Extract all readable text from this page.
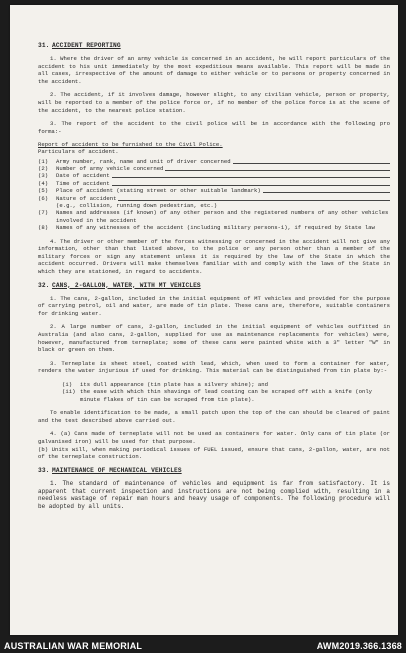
31. ACCIDENT REPORTING

1. Where the driver of an army vehicle is concerned in an accident, he will report particulars of the accident to his unit immediately by the most expeditious means available. This report will be made in all cases, irrespective of the amount of damage to either vehicle or to persons or property concerned in the accident.

2. The accident, if it involves damage, however slight, to any civilian vehicle, person or property, will be reported to a member of the police force or, if no member of the police force is at the scene of the accident, to the nearest police station.

3. The report of the accident to the civil police will be in accordance with the following pro forma:-

Report of accident to be furnished to the Civil Police.
Particulars of accident.
(1)	Army number, rank, name and unit of driver concerned
(2)	Number of army vehicle concerned
(3)	Date of accident
(4)	Time of accident
(5)	Place of accident (stating street or other suitable landmark)
(6)	Nature of accident
(e.g., collision, running down pedestrian, etc.)
(7)	Names and addresses (if known) of any other person and the registered numbers of any other vehicles involved in the accident
(8)	Names of any witnesses of the accident (including military persons-1), if required by State law

4. The driver or other member of the forces witnessing or concerned in the accident will not give any information, other than that listed above, to the police or any person other than a member of the military forces or sign any statement unless it is required by the law of the State in which the accident occurred. Drivers will make themselves familiar with and comply with the laws of the State in which they are stationed, in regard to accidents.

32. CANS, 2-GALLON, WATER, WITH MT VEHICLES

1. The cans, 2-gallon, included in the initial equipment of MT vehicles and provided for the purpose of carrying petrol, oil and water, are made of tin plate. These cans are, therefore, suitable containers for drinking water.

2. A large number of cans, 2-gallon, included in the initial equipment of vehicles outfitted in Australia (and also cans, 2-gallon, supplied for use as maintenance replacements for vehicles) were, however, manufactured from terneplate; some of these cans were painted white with a 3" letter "W" in black or green on them.

3. Terneplate is sheet steel, coated with lead, which, when used to form a container for water, renders the water injurious if used for drinking. This material can be distinguished from tin plate by:-

(i)	its dull appearance (tin plate has a silvery shine); and
(ii) the ease with which thin shavings of lead coating can be scraped off with a knife (only minute flakes of tin can be scraped from tin plate).

To enable identification to be made, a small patch upon the top of the can should be cleared of paint and the test described above carried out.

4. (a) Cans made of terneplate will not be used as containers for water. Only cans of tin plate (or galvanised iron) will be used for that purpose.
(b) Units will, when making periodical issues of FUEL issued, ensure that cans, 2-gallon, water, are not of the terneplate construction.

33. MAINTENANCE OF MECHANICAL VEHICLES

1. The standard of maintenance of vehicles and equipment is far from satisfactory. It is apparent that current inspection and instructions are not being complied with, resulting in a needless wastage of repair man hours and heavy usage of components. The following procedure will be adopted by all units.

AUSTRALIAN WAR MEMORIAL	AWM2019.366.1368
